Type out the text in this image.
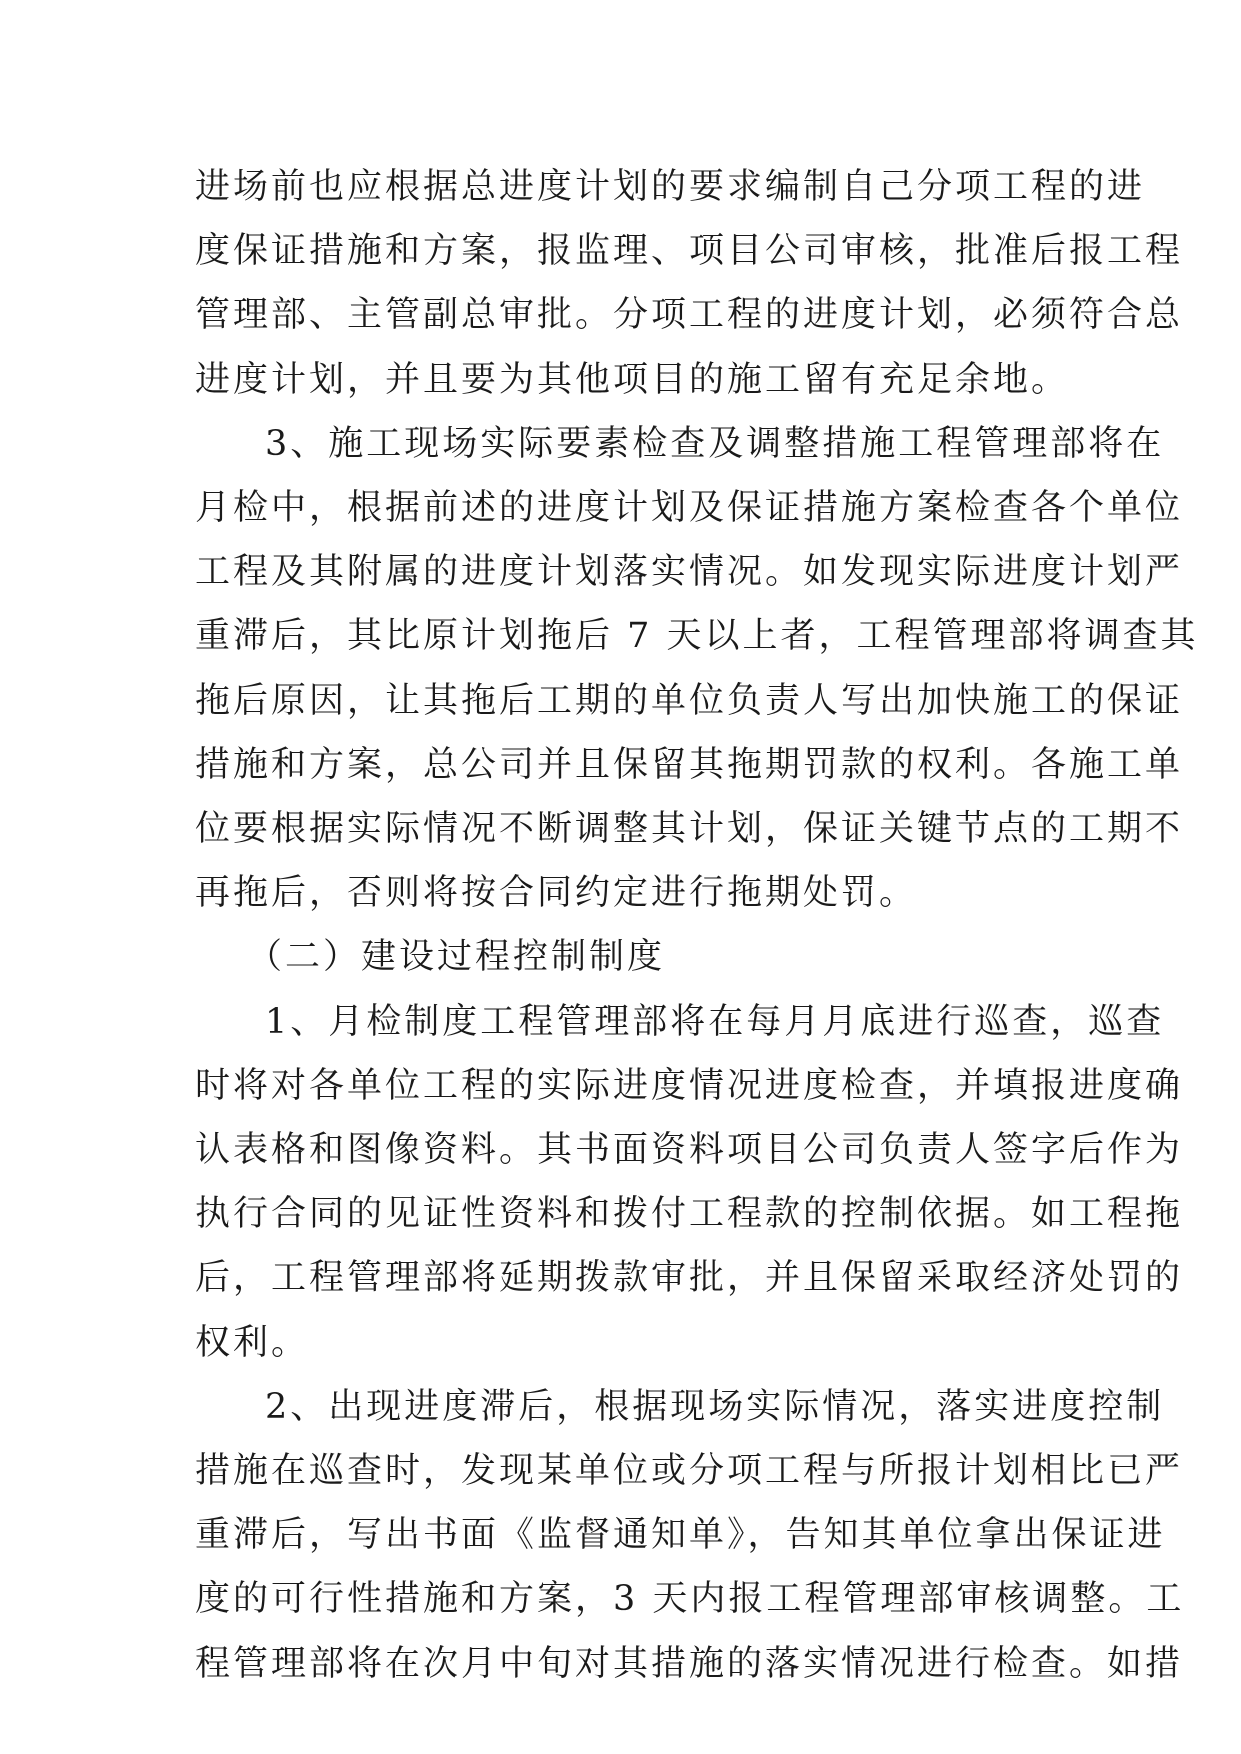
进场前也应根据总进度计划的要求编制自己分项工程的进
度保证措施和方案，报监理、项目公司审核，批准后报工程
管理部、主管副总审批。分项工程的进度计划，必须符合总
进度计划，并且要为其他项目的施工留有充足余地。
3、施工现场实际要素检查及调整措施工程管理部将在
月检中，根据前述的进度计划及保证措施方案检查各个单位
工程及其附属的进度计划落实情况。如发现实际进度计划严
重滞后，其比原计划拖后 7 天以上者，工程管理部将调查其
拖后原因，让其拖后工期的单位负责人写出加快施工的保证
措施和方案，总公司并且保留其拖期罚款的权利。各施工单
位要根据实际情况不断调整其计划，保证关键节点的工期不
再拖后，否则将按合同约定进行拖期处罚。
（二）建设过程控制制度
1、月检制度工程管理部将在每月月底进行巡查，巡查
时将对各单位工程的实际进度情况进度检查，并填报进度确
认表格和图像资料。其书面资料项目公司负责人签字后作为
执行合同的见证性资料和拨付工程款的控制依据。如工程拖
后，工程管理部将延期拨款审批，并且保留采取经济处罚的
权利。
2、出现进度滞后，根据现场实际情况，落实进度控制
措施在巡查时，发现某单位或分项工程与所报计划相比已严
重滞后，写出书面《监督通知单》，告知其单位拿出保证进
度的可行性措施和方案，3 天内报工程管理部审核调整。工
程管理部将在次月中旬对其措施的落实情况进行检查。如措
